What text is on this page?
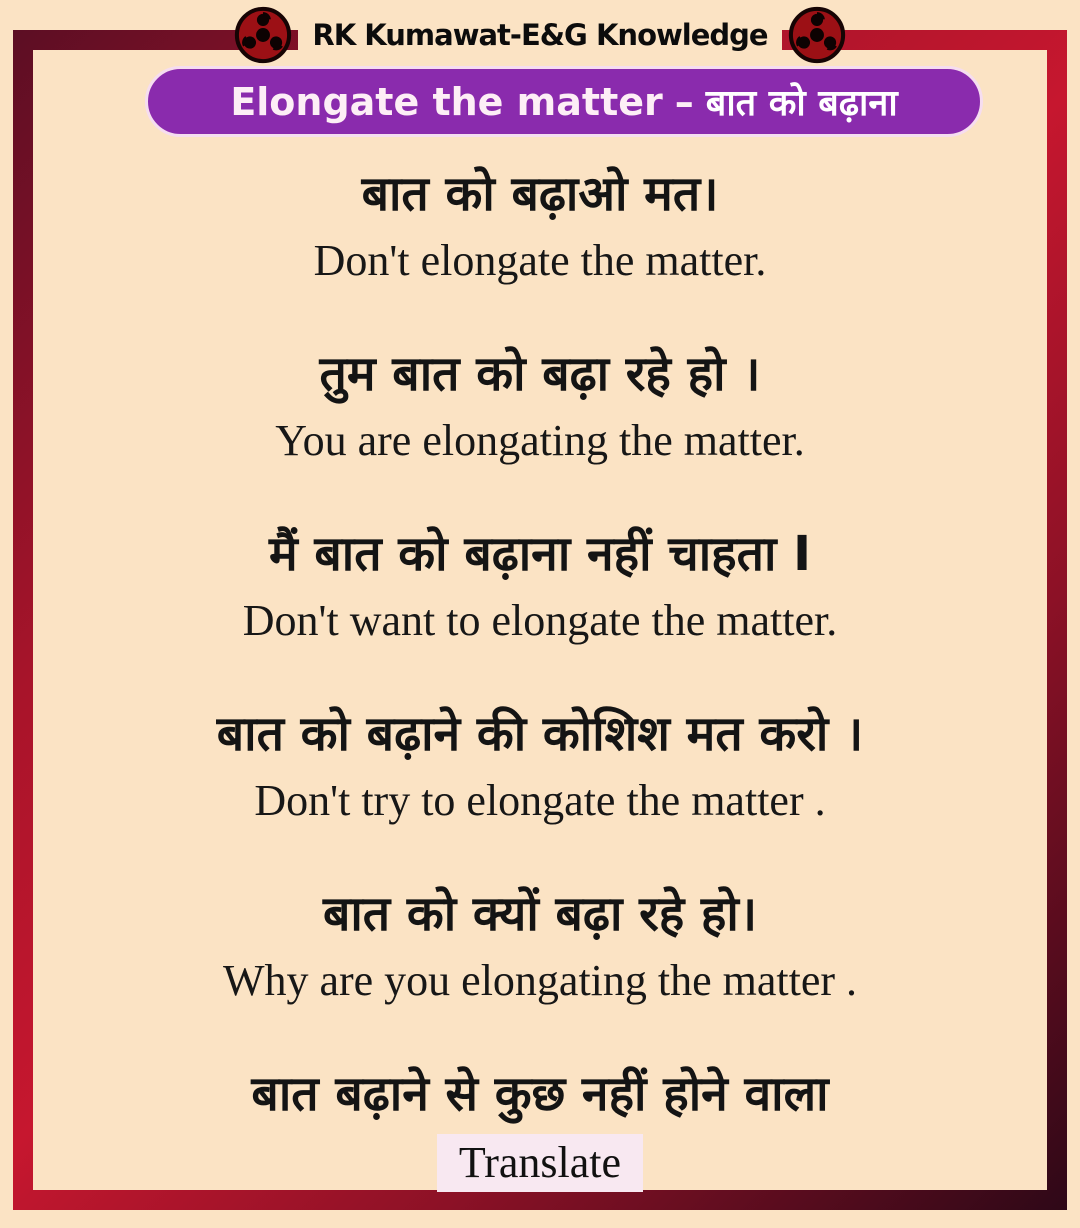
RK Kumawat-E&G Knowledge
Elongate the matter – बात को बढ़ाना
बात को बढ़ाओ मत।
Don't elongate the matter.
तुम बात को बढ़ा रहे हो ।
You are elongating the matter.
मैं बात को बढ़ाना नहीं चाहता I
Don't want to elongate the matter.
बात को बढ़ाने की कोशिश मत करो ।
Don't try to elongate the matter .
बात को क्यों बढ़ा रहे हो।
Why are you elongating the matter .
बात बढ़ाने से कुछ नहीं होने वाला
Translate
